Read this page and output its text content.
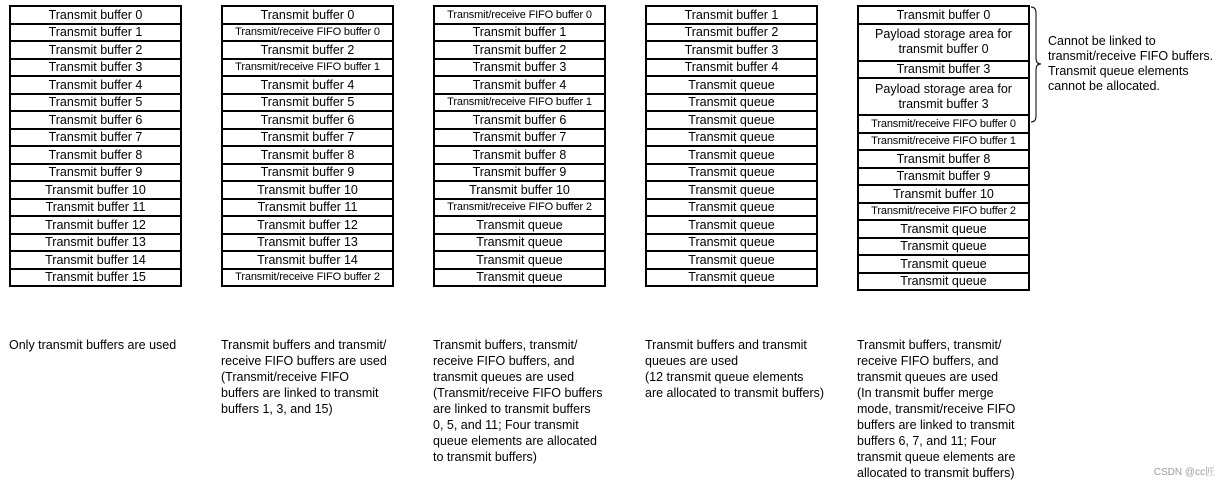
Transmit buffer 0
Transmit buffer 1
Transmit buffer 2
Transmit buffer 3
Transmit buffer 4
Transmit buffer 5
Transmit buffer 6
Transmit buffer 7
Transmit buffer 8
Transmit buffer 9
Transmit buffer 10
Transmit buffer 11
Transmit buffer 12
Transmit buffer 13
Transmit buffer 14
Transmit buffer 15
Transmit buffer 0
Transmit/receive FIFO buffer 0
Transmit buffer 2
Transmit/receive FIFO buffer 1
Transmit buffer 4
Transmit buffer 5
Transmit buffer 6
Transmit buffer 7
Transmit buffer 8
Transmit buffer 9
Transmit buffer 10
Transmit buffer 11
Transmit buffer 12
Transmit buffer 13
Transmit buffer 14
Transmit/receive FIFO buffer 2
Transmit/receive FIFO buffer 0
Transmit buffer 1
Transmit buffer 2
Transmit buffer 3
Transmit buffer 4
Transmit/receive FIFO buffer 1
Transmit buffer 6
Transmit buffer 7
Transmit buffer 8
Transmit buffer 9
Transmit buffer 10
Transmit/receive FIFO buffer 2
Transmit queue
Transmit queue
Transmit queue
Transmit queue
Transmit buffer 1
Transmit buffer 2
Transmit buffer 3
Transmit buffer 4
Transmit queue
Transmit queue
Transmit queue
Transmit queue
Transmit queue
Transmit queue
Transmit queue
Transmit queue
Transmit queue
Transmit queue
Transmit queue
Transmit queue
Transmit buffer 0
Payload storage area for transmit buffer 0
Transmit buffer 3
Payload storage area for transmit buffer 3
Transmit/receive FIFO buffer 0
Transmit/receive FIFO buffer 1
Transmit buffer 8
Transmit buffer 9
Transmit buffer 10
Transmit/receive FIFO buffer 2
Transmit queue
Transmit queue
Transmit queue
Transmit queue
Only transmit buffers are used	Transmit buffers and transmit/
receive FIFO buffers are used
(Transmit/receive FIFO
buffers are linked to transmit
buffers 1, 3, and 15)
Transmit buffers, transmit/
receive FIFO buffers, and
transmit queues are used
(Transmit/receive FIFO buffers
are linked to transmit buffers
0, 5, and 11; Four transmit
queue elements are allocated
to transmit buffers)
Transmit buffers and transmit
queues are used
(12 transmit queue elements
are allocated to transmit buffers)
Transmit buffers, transmit/
receive FIFO buffers, and
transmit queues are used
(In transmit buffer merge
mode, transmit/receive FIFO
buffers are linked to transmit
buffers 6, 7, and 11; Four
transmit queue elements are
allocated to transmit buffers)
Cannot be linked to
transmit/receive FIFO buffers.
Transmit queue elements
cannot be allocated.
CSDN @cc匠
